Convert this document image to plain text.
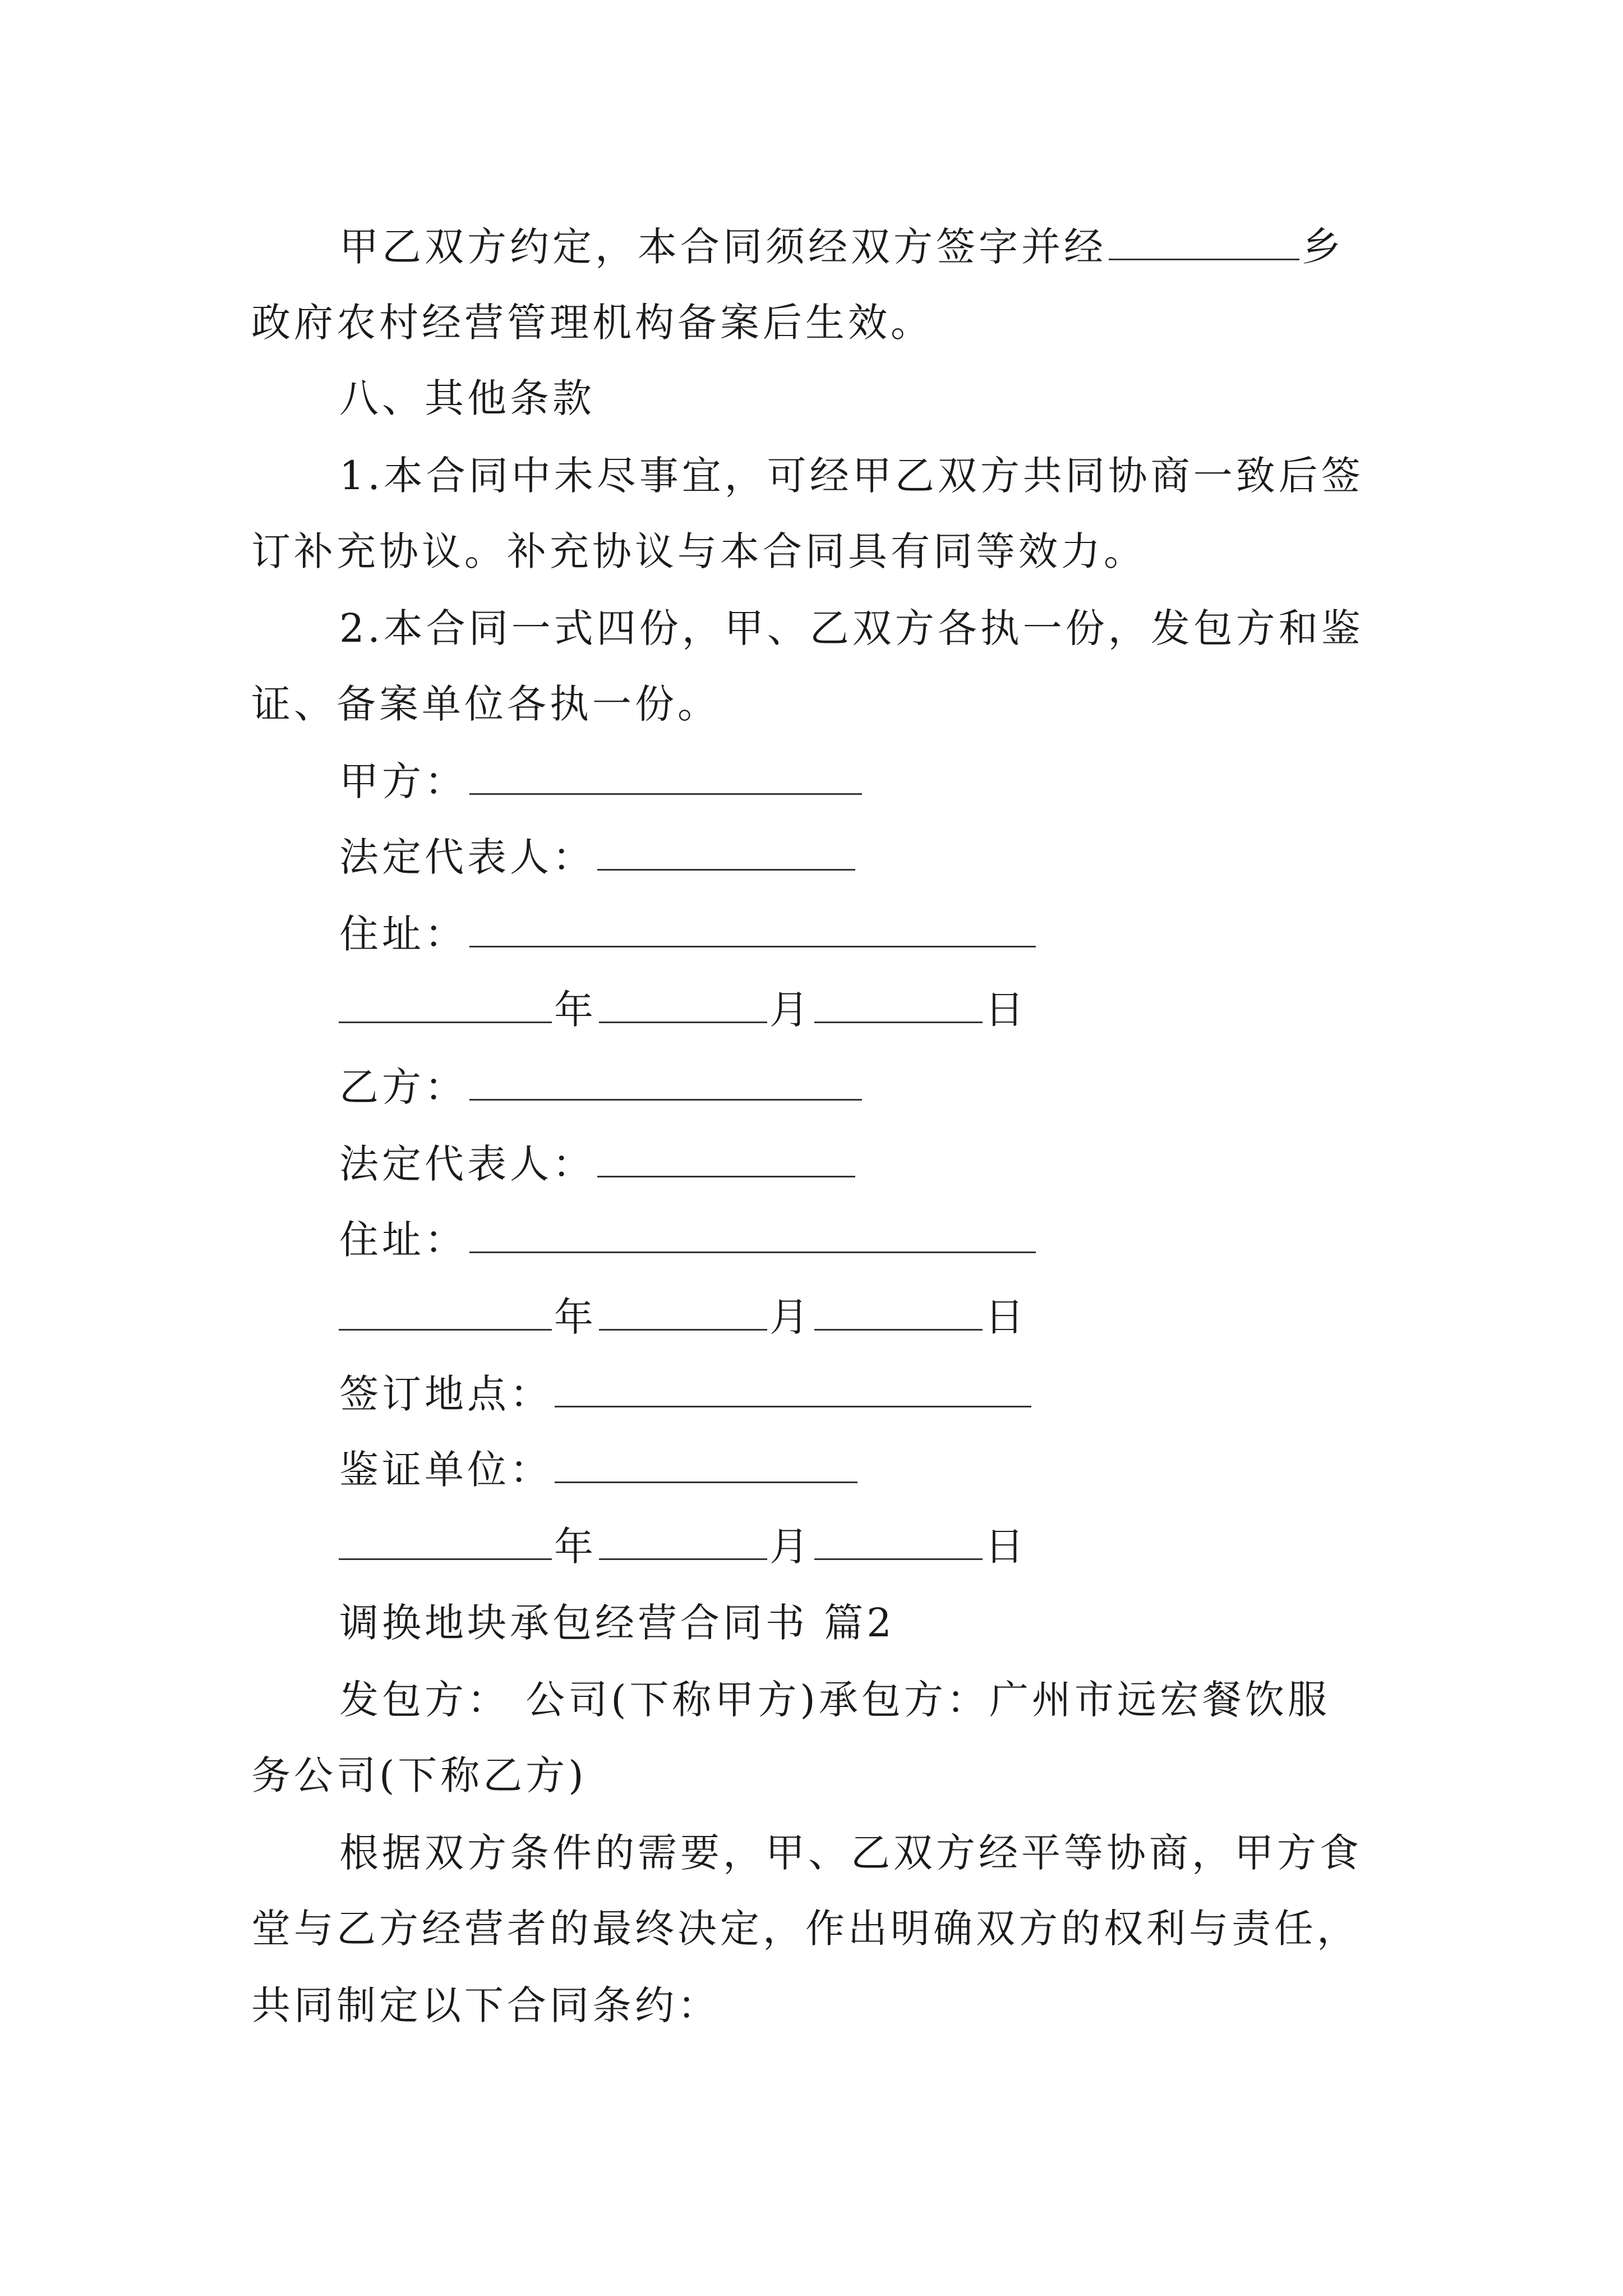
甲乙双方约定，本合同须经双方签字并经	乡
政府农村经营管理机构备案后生效。
八、其他条款
1.本合同中未尽事宜，可经甲乙双方共同协商一致后签
订补充协议。补充协议与本合同具有同等效力。
2.本合同一式四份，甲、乙双方各执一份，发包方和鉴
证、备案单位各执一份。
甲方：
法定代表人：
住址：
年	月	日
乙方：
法定代表人：
住址：
年	月	日
签订地点：
鉴证单位：
年	月	日
调换地块承包经营合同书 篇2
发包方： 公司(下称甲方)承包方：广州市远宏餐饮服
务公司(下称乙方)
根据双方条件的需要，甲、乙双方经平等协商，甲方食
堂与乙方经营者的最终决定，作出明确双方的权利与责任，
共同制定以下合同条约：
